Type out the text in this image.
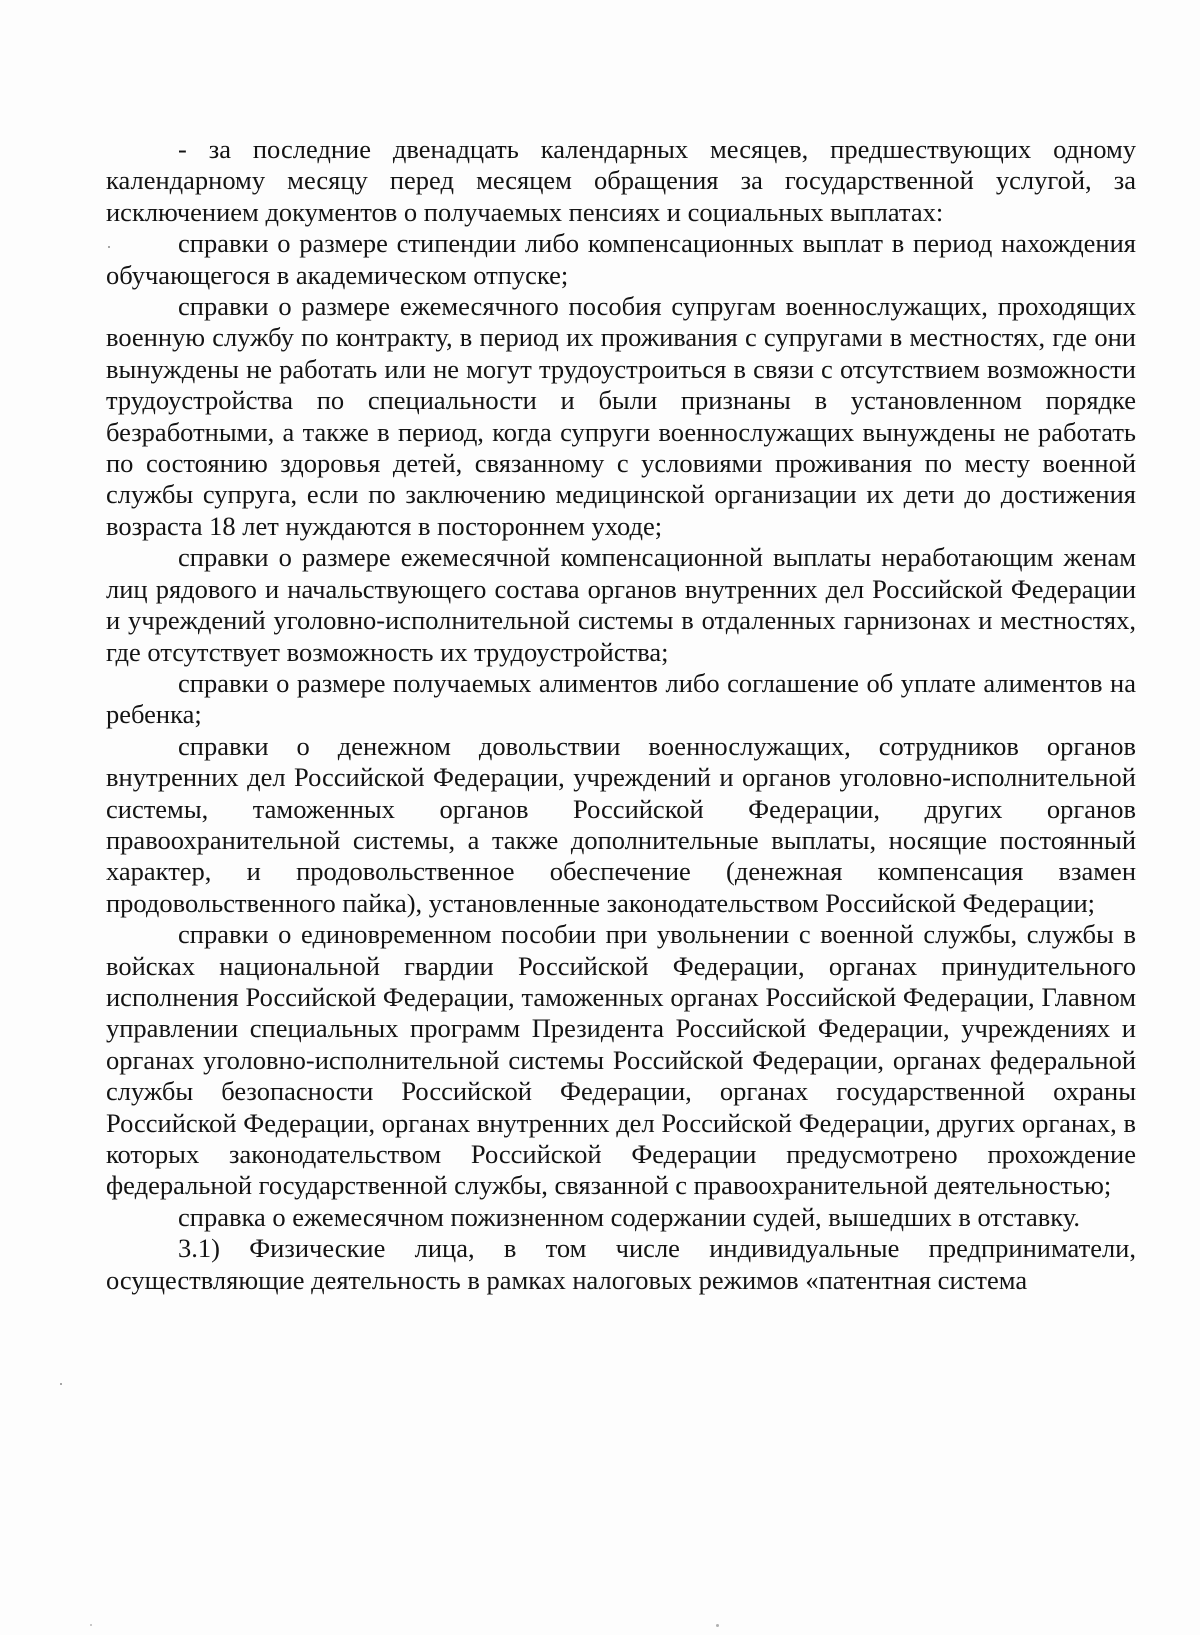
- за последние двенадцать календарных месяцев, предшествующих одному календарному месяцу перед месяцем обращения за государственной услугой, за исключением документов о получаемых пенсиях и социальных выплатах:

справки о размере стипендии либо компенсационных выплат в период нахождения обучающегося в академическом отпуске;

справки о размере ежемесячного пособия супругам военнослужащих, проходящих военную службу по контракту, в период их проживания с супругами в местностях, где они вынуждены не работать или не могут трудоустроиться в связи с отсутствием возможности трудоустройства по специальности и были признаны в установленном порядке безработными, а также в период, когда супруги военнослужащих вынуждены не работать по состоянию здоровья детей, связанному с условиями проживания по месту военной службы супруга, если по заключению медицинской организации их дети до достижения возраста 18 лет нуждаются в постороннем уходе;

справки о размере ежемесячной компенсационной выплаты неработающим женам лиц рядового и начальствующего состава органов внутренних дел Российской Федерации и учреждений уголовно-исполнительной системы в отдаленных гарнизонах и местностях, где отсутствует возможность их трудоустройства;

справки о размере получаемых алиментов либо соглашение об уплате алиментов на ребенка;

справки о денежном довольствии военнослужащих, сотрудников органов внутренних дел Российской Федерации, учреждений и органов уголовно-исполнительной системы, таможенных органов Российской Федерации, других органов правоохранительной системы, а также дополнительные выплаты, носящие постоянный характер, и продовольственное обеспечение (денежная компенсация взамен продовольственного пайка), установленные законодательством Российской Федерации;

справки о единовременном пособии при увольнении с военной службы, службы в войсках национальной гвардии Российской Федерации, органах принудительного исполнения Российской Федерации, таможенных органах Российской Федерации, Главном управлении специальных программ Президента Российской Федерации, учреждениях и органах уголовно-исполнительной системы Российской Федерации, органах федеральной службы безопасности Российской Федерации, органах государственной охраны Российской Федерации, органах внутренних дел Российской Федерации, других органах, в которых законодательством Российской Федерации предусмотрено прохождение федеральной государственной службы, связанной с правоохранительной деятельностью;

справка о ежемесячном пожизненном содержании судей, вышедших в отставку.

3.1) Физические лица, в том числе индивидуальные предприниматели, осуществляющие деятельность в рамках налоговых режимов «патентная система
